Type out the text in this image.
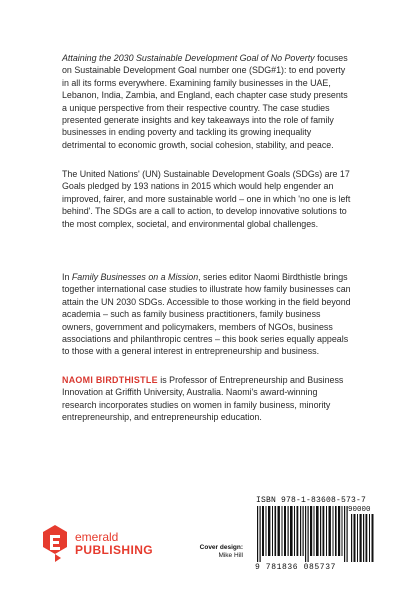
Attaining the 2030 Sustainable Development Goal of No Poverty focuses on Sustainable Development Goal number one (SDG#1): to end poverty in all its forms everywhere. Examining family businesses in the UAE, Lebanon, India, Zambia, and England, each chapter case study presents a unique perspective from their respective country. The case studies presented generate insights and key takeaways into the role of family businesses in ending poverty and tackling its growing inequality detrimental to economic growth, social cohesion, stability, and peace.

The United Nations' (UN) Sustainable Development Goals (SDGs) are 17 Goals pledged by 193 nations in 2015 which would help engender an improved, fairer, and more sustainable world – one in which 'no one is left behind'. The SDGs are a call to action, to develop innovative solutions to the most complex, societal, and environmental global challenges.

In Family Businesses on a Mission, series editor Naomi Birdthistle brings together international case studies to illustrate how family businesses can attain the UN 2030 SDGs. Accessible to those working in the field beyond academia – such as family business practitioners, family business owners, government and policymakers, members of NGOs, business associations and philanthropic centres – this book series equally appeals to those with a general interest in entrepreneurship and business.

NAOMI BIRDTHISTLE is Professor of Entrepreneurship and Business Innovation at Griffith University, Australia. Naomi's award-winning research incorporates studies on women in family business, minority entrepreneurship, and entrepreneurship education.

emerald
PUBLISHING	Cover design:
Mike Hill
ISBN 978-1-83608-573-7
90000
9 781836 085737
